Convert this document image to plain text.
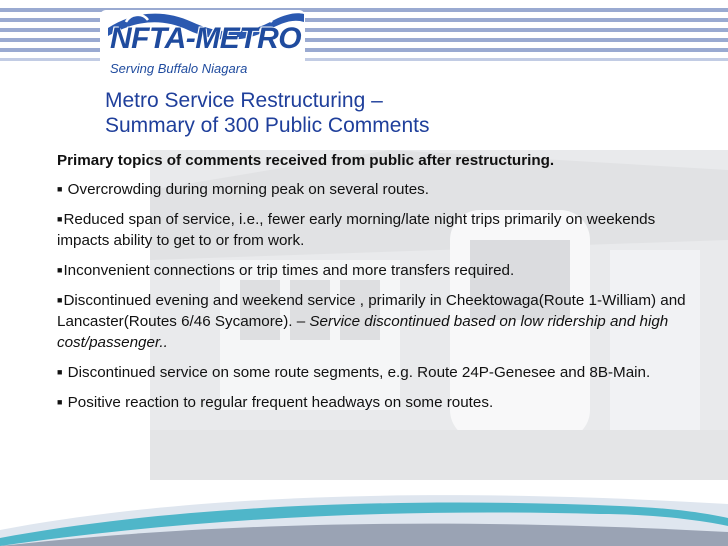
NFTA-METRO
Serving Buffalo Niagara
Metro Service Restructuring –
Summary of 300 Public Comments

Primary topics of comments received from public after restructuring.

■ Overcrowding during morning peak on several routes.

■Reduced span of service, i.e., fewer early morning/late night trips primarily on weekends impacts ability to get to or from work.

■Inconvenient connections or trip times and more transfers required.

■Discontinued evening and weekend service , primarily in Cheektowaga(Route 1-William) and Lancaster(Routes 6/46 Sycamore). – Service discontinued based on low ridership and high cost/passenger..

■ Discontinued service on some route segments, e.g. Route 24P-Genesee and 8B-Main.

■ Positive reaction to regular frequent headways on some routes.
